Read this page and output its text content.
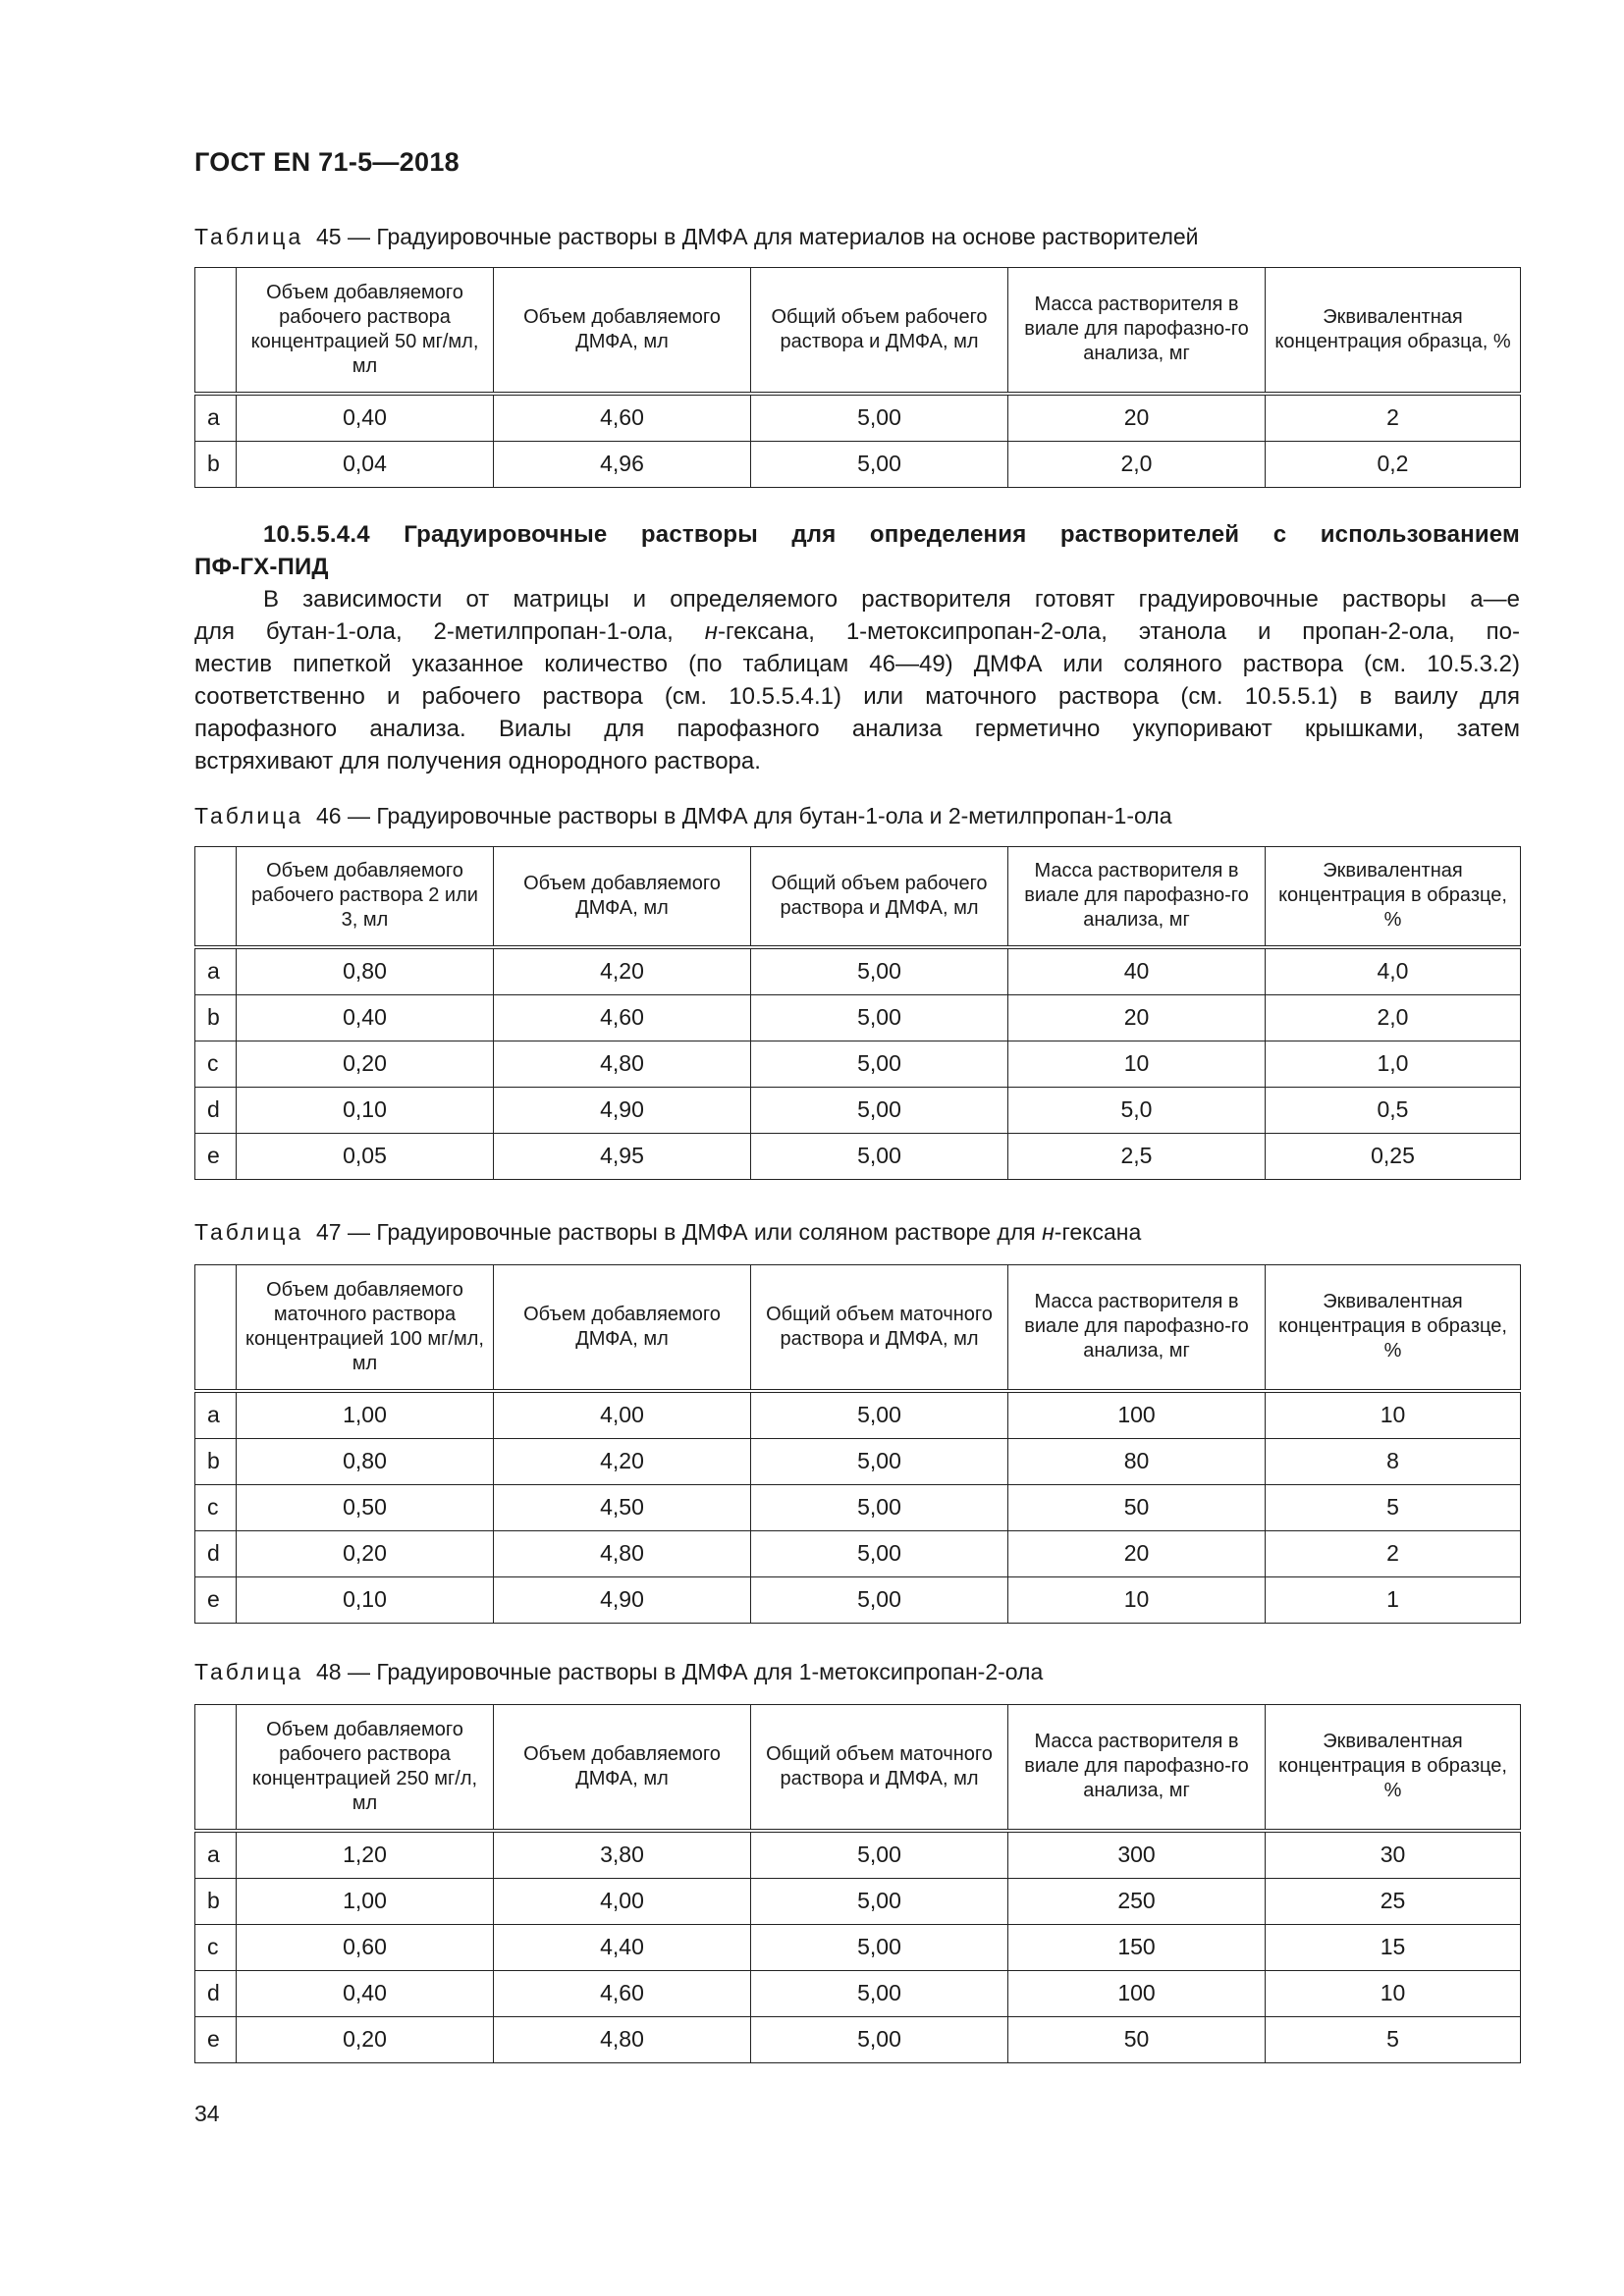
ГОСТ EN 71-5—2018
Таблица 45 — Градуировочные растворы в ДМФА для материалов на основе растворителей
	Объем добавляемого рабочего раствора концентрацией 50 мг/мл, мл	Объем добавляемого ДМФА, мл	Общий объем рабочего раствора и ДМФА, мл	Масса растворителя в виале для парофазно-го анализа, мг	Эквивалентная концентрация образца, %
a	0,40	4,60	5,00	20	2
b	0,04	4,96	5,00	2,0	0,2
10.5.5.4.4 Градуировочные растворы для определения растворителей с использованием
ПФ-ГХ-ПИД
В зависимости от матрицы и определяемого растворителя готовят градуировочные растворы а—е
для бутан-1-ола, 2-метилпропан-1-ола, н-гексана, 1-метоксипропан-2-ола, этанола и пропан-2-ола, по-
местив пипеткой указанное количество (по таблицам 46—49) ДМФА или соляного раствора (см. 10.5.3.2)
соответственно и рабочего раствора (см. 10.5.5.4.1) или маточного раствора (см. 10.5.5.1) в ваилу для
парофазного анализа. Виалы для парофазного анализа герметично укупоривают крышками, затем
встряхивают для получения однородного раствора.
Таблица 46 — Градуировочные растворы в ДМФА для бутан-1-ола и 2-метилпропан-1-ола
	Объем добавляемого рабочего раствора 2 или 3, мл	Объем добавляемого ДМФА, мл	Общий объем рабочего раствора и ДМФА, мл	Масса растворителя в виале для парофазно-го анализа, мг	Эквивалентная концентрация в образце, %
a	0,80	4,20	5,00	40	4,0
b	0,40	4,60	5,00	20	2,0
c	0,20	4,80	5,00	10	1,0
d	0,10	4,90	5,00	5,0	0,5
e	0,05	4,95	5,00	2,5	0,25
Таблица 47 — Градуировочные растворы в ДМФА или соляном растворе для н-гексана
	Объем добавляемого маточного раствора концентрацией 100 мг/мл, мл	Объем добавляемого ДМФА, мл	Общий объем маточного раствора и ДМФА, мл	Масса растворителя в виале для парофазно-го анализа, мг	Эквивалентная концентрация в образце, %
a	1,00	4,00	5,00	100	10
b	0,80	4,20	5,00	80	8
c	0,50	4,50	5,00	50	5
d	0,20	4,80	5,00	20	2
e	0,10	4,90	5,00	10	1
Таблица 48 — Градуировочные растворы в ДМФА для 1-метоксипропан-2-ола
	Объем добавляемого рабочего раствора концентрацией 250 мг/л, мл	Объем добавляемого ДМФА, мл	Общий объем маточного раствора и ДМФА, мл	Масса растворителя в виале для парофазно-го анализа, мг	Эквивалентная концентрация в образце, %
a	1,20	3,80	5,00	300	30
b	1,00	4,00	5,00	250	25
c	0,60	4,40	5,00	150	15
d	0,40	4,60	5,00	100	10
e	0,20	4,80	5,00	50	5
34
